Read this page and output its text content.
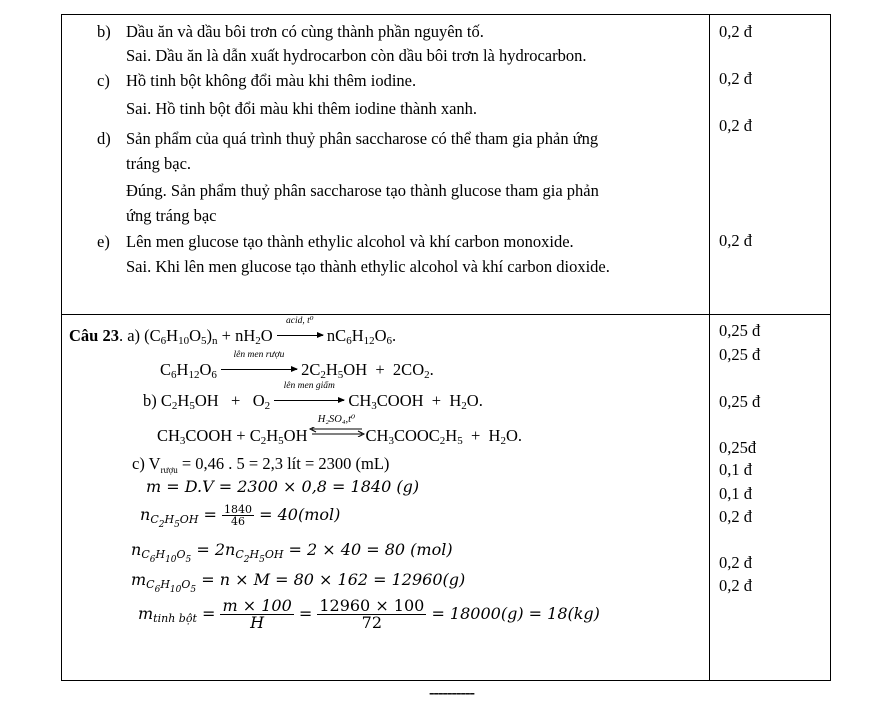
b) Dầu ăn và dầu bôi trơn có cùng thành phần nguyên tố.
Sai. Dầu ăn là dẫn xuất hydrocarbon còn dầu bôi trơn là hydrocarbon.
c) Hồ tinh bột không đổi màu khi thêm iodine.
Sai. Hồ tinh bột đổi màu khi thêm iodine thành xanh.
d) Sản phẩm của quá trình thuỷ phân saccharose có thể tham gia phản ứng
tráng bạc.
Đúng. Sản phẩm thuỷ phân saccharose tạo thành glucose tham gia phản
ứng tráng bạc
e) Lên men glucose tạo thành ethylic alcohol và khí carbon monoxide.
Sai. Khi lên men glucose tạo thành ethylic alcohol và khí carbon dioxide.
0,2 đ
0,2 đ
0,2 đ
0,2 đ
Câu 23. a) $(C_6H_{10}O_5)_n + nH_2O$
acid, t⁰
$nC_6H_{12}O_6$.
$C_6H_{12}O_6$
lên men rượu
$2C_2H_5OH + 2CO_2$.
b) $C_2H_5OH + O_2$
lên men giấm
$CH_3COOH + H_2O$.
$CH_3COOH + C_2H_5OH$
H₂SO₄,t⁰
$CH_3COOC_2H_5 + H_2O$.
c) $V_{rượu} = 0,46$ . 5 = 2,3 lít = 2300 (mL)
m = D.V = 2300 × 0,8 = 1840 (g)
$n_{C_2H_5OH} = \frac{1840}{46} = 40(mol)$
$n_{C_6H_{10}O_5} = 2n_{C_2H_5OH} = 2 \times 40 = 80$ (mol)
$m_{C_6H_{10}O_5} = n \times M = 80 \times 162 = 12960(g)$
$m_{tinh bột} = \frac{m \times 100}{H} = \frac{12960 \times 100}{72} = 18000(g) = 18(kg)$
0,25 đ
0,25 đ
0,25 đ
0,25đ
0,1 đ
0,1 đ
0,2 đ
0,2 đ
0,2 đ
----------
